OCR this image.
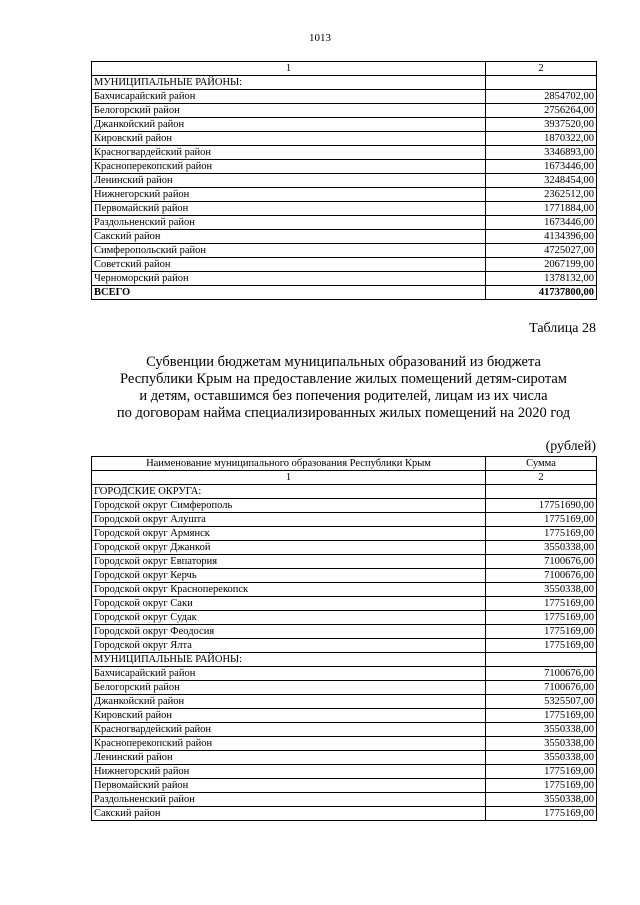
1013
1	2
МУНИЦИПАЛЬНЫЕ РАЙОНЫ:	
Бахчисарайский район	2854702,00
Белогорский район	2756264,00
Джанкойский район	3937520,00
Кировский район	1870322,00
Красногвардейский район	3346893,00
Красноперекопский район	1673446,00
Ленинский район	3248454,00
Нижнегорский район	2362512,00
Первомайский район	1771884,00
Раздольненский район	1673446,00
Сакский район	4134396,00
Симферопольский район	4725027,00
Советский район	2067199,00
Черноморский район	1378132,00
ВСЕГО	41737800,00
Таблица 28
Субвенции бюджетам муниципальных образований из бюджета
Республики Крым на предоставление жилых помещений детям-сиротам
и детям, оставшимся без попечения родителей, лицам из их числа
по договорам найма специализированных жилых помещений на 2020 год
(рублей)
Наименование муниципального образования Республики Крым	Сумма
1	2
ГОРОДСКИЕ ОКРУГА:	
Городской округ Симферополь	17751690,00
Городской округ Алушта	1775169,00
Городской округ Армянск	1775169,00
Городской округ Джанкой	3550338,00
Городской округ Евпатория	7100676,00
Городской округ Керчь	7100676,00
Городской округ Красноперекопск	3550338,00
Городской округ Саки	1775169,00
Городской округ Судак	1775169,00
Городской округ Феодосия	1775169,00
Городской округ Ялта	1775169,00
МУНИЦИПАЛЬНЫЕ РАЙОНЫ:	
Бахчисарайский район	7100676,00
Белогорский район	7100676,00
Джанкойский район	5325507,00
Кировский район	1775169,00
Красногвардейский район	3550338,00
Красноперекопский район	3550338,00
Ленинский район	3550338,00
Нижнегорский район	1775169,00
Первомайский район	1775169,00
Раздольненский район	3550338,00
Сакский район	1775169,00
